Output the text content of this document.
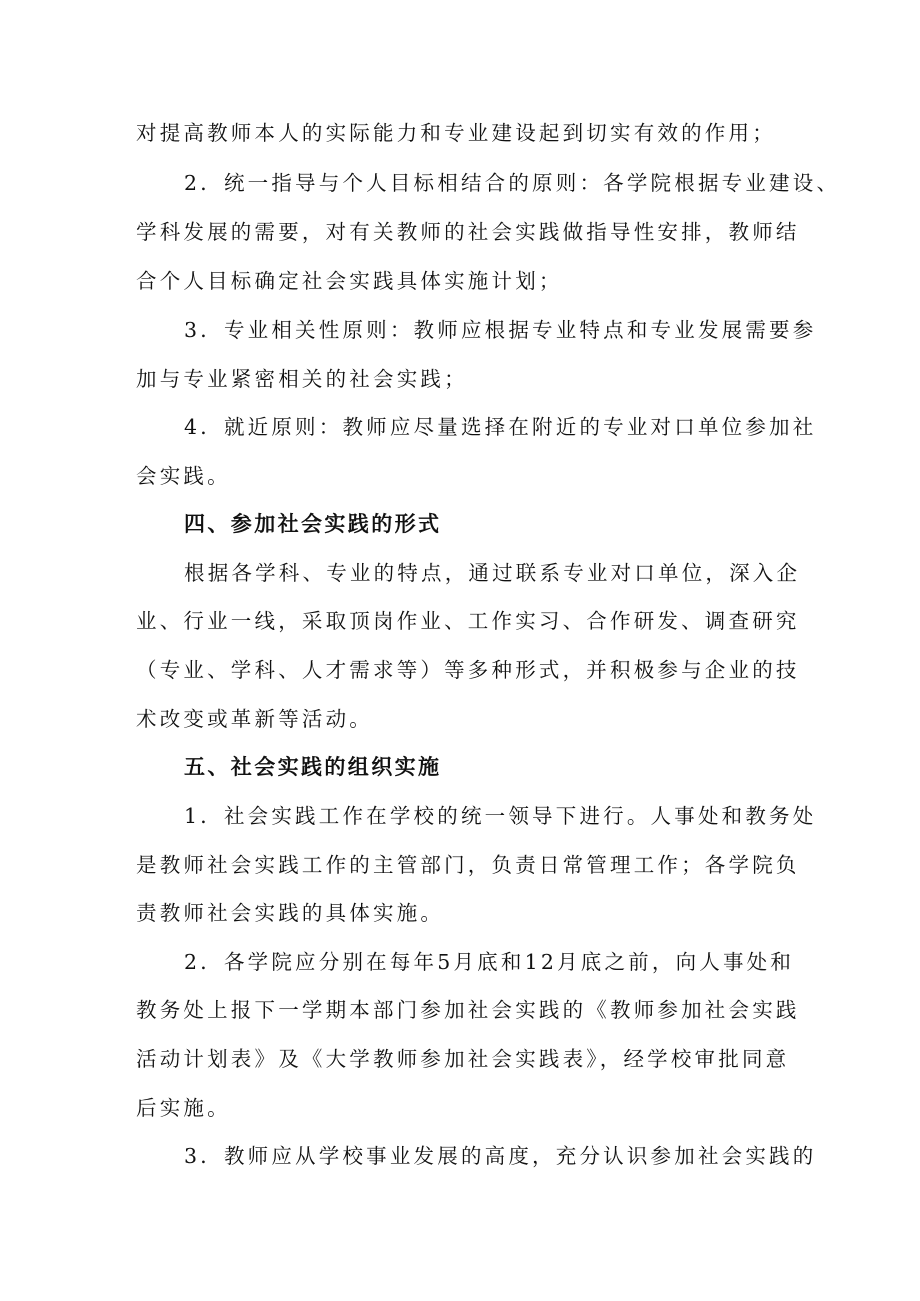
对提高教师本人的实际能力和专业建设起到切实有效的作用；
2．统一指导与个人目标相结合的原则：各学院根据专业建设、
学科发展的需要，对有关教师的社会实践做指导性安排，教师结
合个人目标确定社会实践具体实施计划；
3．专业相关性原则：教师应根据专业特点和专业发展需要参
加与专业紧密相关的社会实践；
4．就近原则：教师应尽量选择在附近的专业对口单位参加社
会实践。
四、参加社会实践的形式
根据各学科、专业的特点，通过联系专业对口单位，深入企
业、行业一线，采取顶岗作业、工作实习、合作研发、调查研究
（专业、学科、人才需求等）等多种形式，并积极参与企业的技
术改变或革新等活动。
五、社会实践的组织实施
1．社会实践工作在学校的统一领导下进行。人事处和教务处
是教师社会实践工作的主管部门，负责日常管理工作；各学院负
责教师社会实践的具体实施。
2．各学院应分别在每年5月底和12月底之前，向人事处和
教务处上报下一学期本部门参加社会实践的《教师参加社会实践
活动计划表》及《大学教师参加社会实践表》，经学校审批同意
后实施。
3．教师应从学校事业发展的高度，充分认识参加社会实践的
